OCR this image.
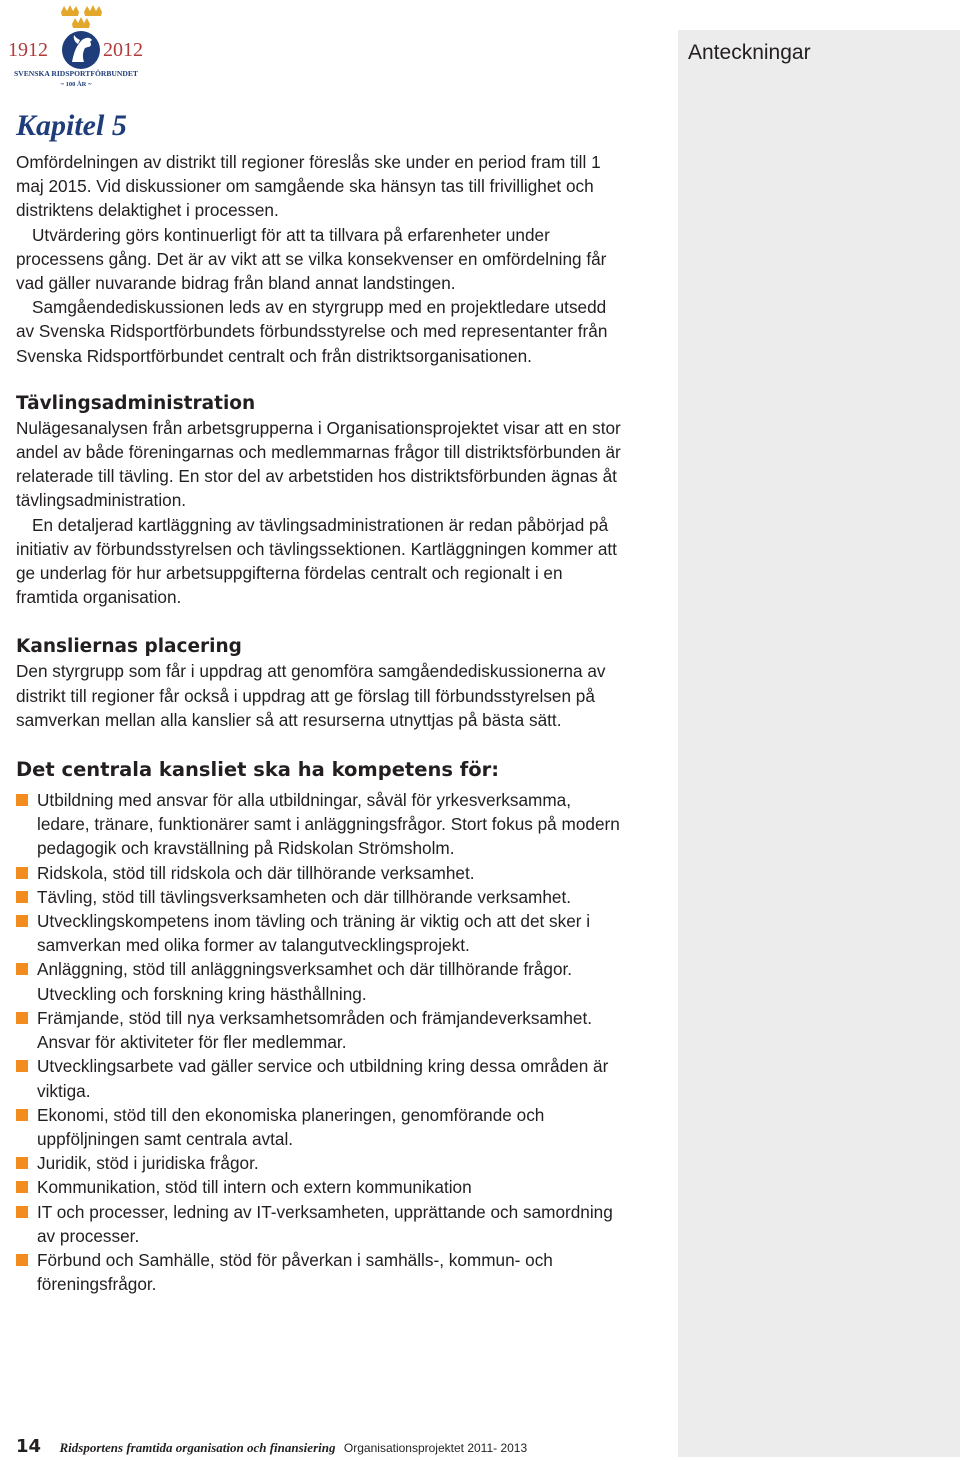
1912	2012
SVENSKA RIDSPORTFÖRBUNDET
~ 100 ÅR ~
Anteckningar
Kapitel 5

Omfördelningen av distrikt till regioner föreslås ske under en period fram till 1 maj 2015. Vid diskussioner om samgående ska hänsyn tas till frivillighet och distriktens delaktighet i processen.

Utvärdering görs kontinuerligt för att ta tillvara på erfarenheter under processens gång. Det är av vikt att se vilka konsekvenser en omfördelning får vad gäller nuvarande bidrag från bland annat landstingen.

Samgåendediskussionen leds av en styrgrupp med en projektledare utsedd av Svenska Ridsportförbundets förbundsstyrelse och med representanter från Svenska Ridsportförbundet centralt och från distriktsorganisationen.

Tävlingsadministration

Nulägesanalysen från arbetsgrupperna i Organisationsprojektet visar att en stor andel av både föreningarnas och medlemmarnas frågor till distriktsförbunden är relaterade till tävling. En stor del av arbetstiden hos distriktsförbunden ägnas åt tävlingsadministration.

En detaljerad kartläggning av tävlingsadministrationen är redan påbörjad på initiativ av förbundsstyrelsen och tävlingssektionen. Kartläggningen kommer att ge underlag för hur arbetsuppgifterna fördelas centralt och regionalt i en framtida organisation.

Kansliernas placering

Den styrgrupp som får i uppdrag att genomföra samgåendediskussionerna av distrikt till regioner får också i uppdrag att ge förslag till förbundsstyrelsen på samverkan mellan alla kanslier så att resurserna utnyttjas på bästa sätt.

Det centrala kansliet ska ha kompetens för:
Utbildning med ansvar för alla utbildningar, såväl för yrkesverksamma, ledare, tränare, funktionärer samt i anläggningsfrågor. Stort fokus på modern pedagogik och kravställning på Ridskolan Strömsholm.
Ridskola, stöd till ridskola och där tillhörande verksamhet.
Tävling, stöd till tävlingsverksamheten och där tillhörande verksamhet.
Utvecklingskompetens inom tävling och träning är viktig och att det sker i samverkan med olika former av talangutvecklingsprojekt.
Anläggning, stöd till anläggningsverksamhet och där tillhörande frågor. Utveckling och forskning kring hästhållning.
Främjande, stöd till nya verksamhetsområden och främjandeverksamhet. Ansvar för aktiviteter för fler medlemmar.
Utvecklingsarbete vad gäller service och utbildning kring dessa områden är viktiga.
Ekonomi, stöd till den ekonomiska planeringen, genomförande och uppföljningen samt centrala avtal.
Juridik, stöd i juridiska frågor.
Kommunikation, stöd till intern och extern kommunikation
IT och processer, ledning av IT-verksamheten, upprättande och samordning av processer.
Förbund och Samhälle, stöd för påverkan i samhälls-, kommun- och föreningsfrågor.
14 Ridsportens framtida organisation och finansiering Organisationsprojektet 2011- 2013
